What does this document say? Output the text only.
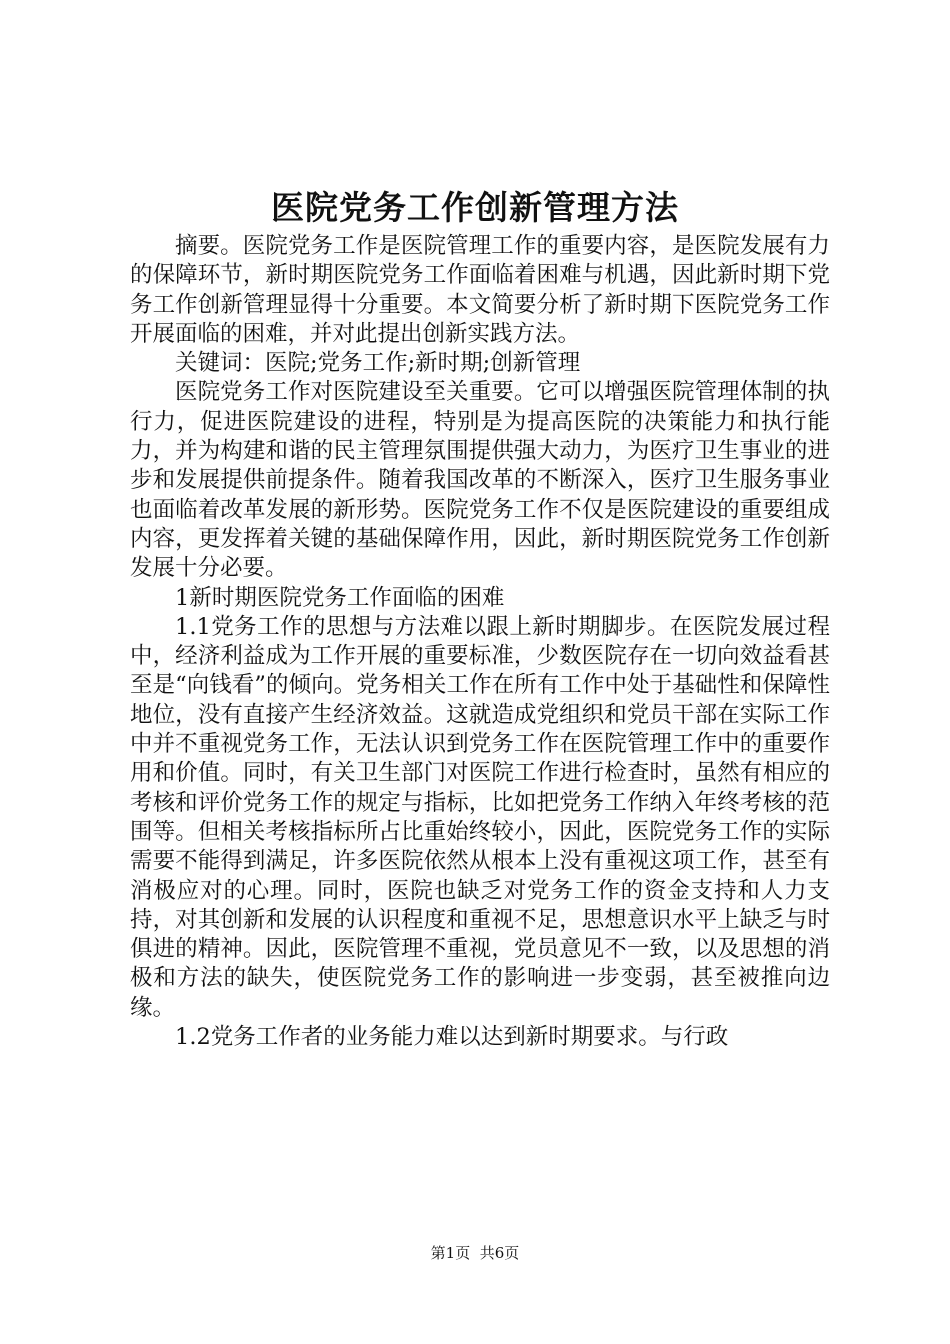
医院党务工作创新管理方法

摘要。医院党务工作是医院管理工作的重要内容，是医院发展有力的保障环节，新时期医院党务工作面临着困难与机遇，因此新时期下党务工作创新管理显得十分重要。本文简要分析了新时期下医院党务工作开展面临的困难，并对此提出创新实践方法。

关键词：医院;党务工作;新时期;创新管理

医院党务工作对医院建设至关重要。它可以增强医院管理体制的执行力，促进医院建设的进程，特别是为提高医院的决策能力和执行能力，并为构建和谐的民主管理氛围提供强大动力，为医疗卫生事业的进步和发展提供前提条件。随着我国改革的不断深入，医疗卫生服务事业也面临着改革发展的新形势。医院党务工作不仅是医院建设的重要组成内容，更发挥着关键的基础保障作用，因此，新时期医院党务工作创新发展十分必要。

1新时期医院党务工作面临的困难

1.1党务工作的思想与方法难以跟上新时期脚步。在医院发展过程中，经济利益成为工作开展的重要标准，少数医院存在一切向效益看甚至是“向钱看”的倾向。党务相关工作在所有工作中处于基础性和保障性地位，没有直接产生经济效益。这就造成党组织和党员干部在实际工作中并不重视党务工作，无法认识到党务工作在医院管理工作中的重要作用和价值。同时，有关卫生部门对医院工作进行检查时，虽然有相应的考核和评价党务工作的规定与指标，比如把党务工作纳入年终考核的范围等。但相关考核指标所占比重始终较小，因此，医院党务工作的实际需要不能得到满足，许多医院依然从根本上没有重视这项工作，甚至有消极应对的心理。同时，医院也缺乏对党务工作的资金支持和人力支持，对其创新和发展的认识程度和重视不足，思想意识水平上缺乏与时俱进的精神。因此，医院管理不重视，党员意见不一致，以及思想的消极和方法的缺失，使医院党务工作的影响进一步变弱，甚至被推向边缘。

1.2党务工作者的业务能力难以达到新时期要求。与行政

第1页 共6页
